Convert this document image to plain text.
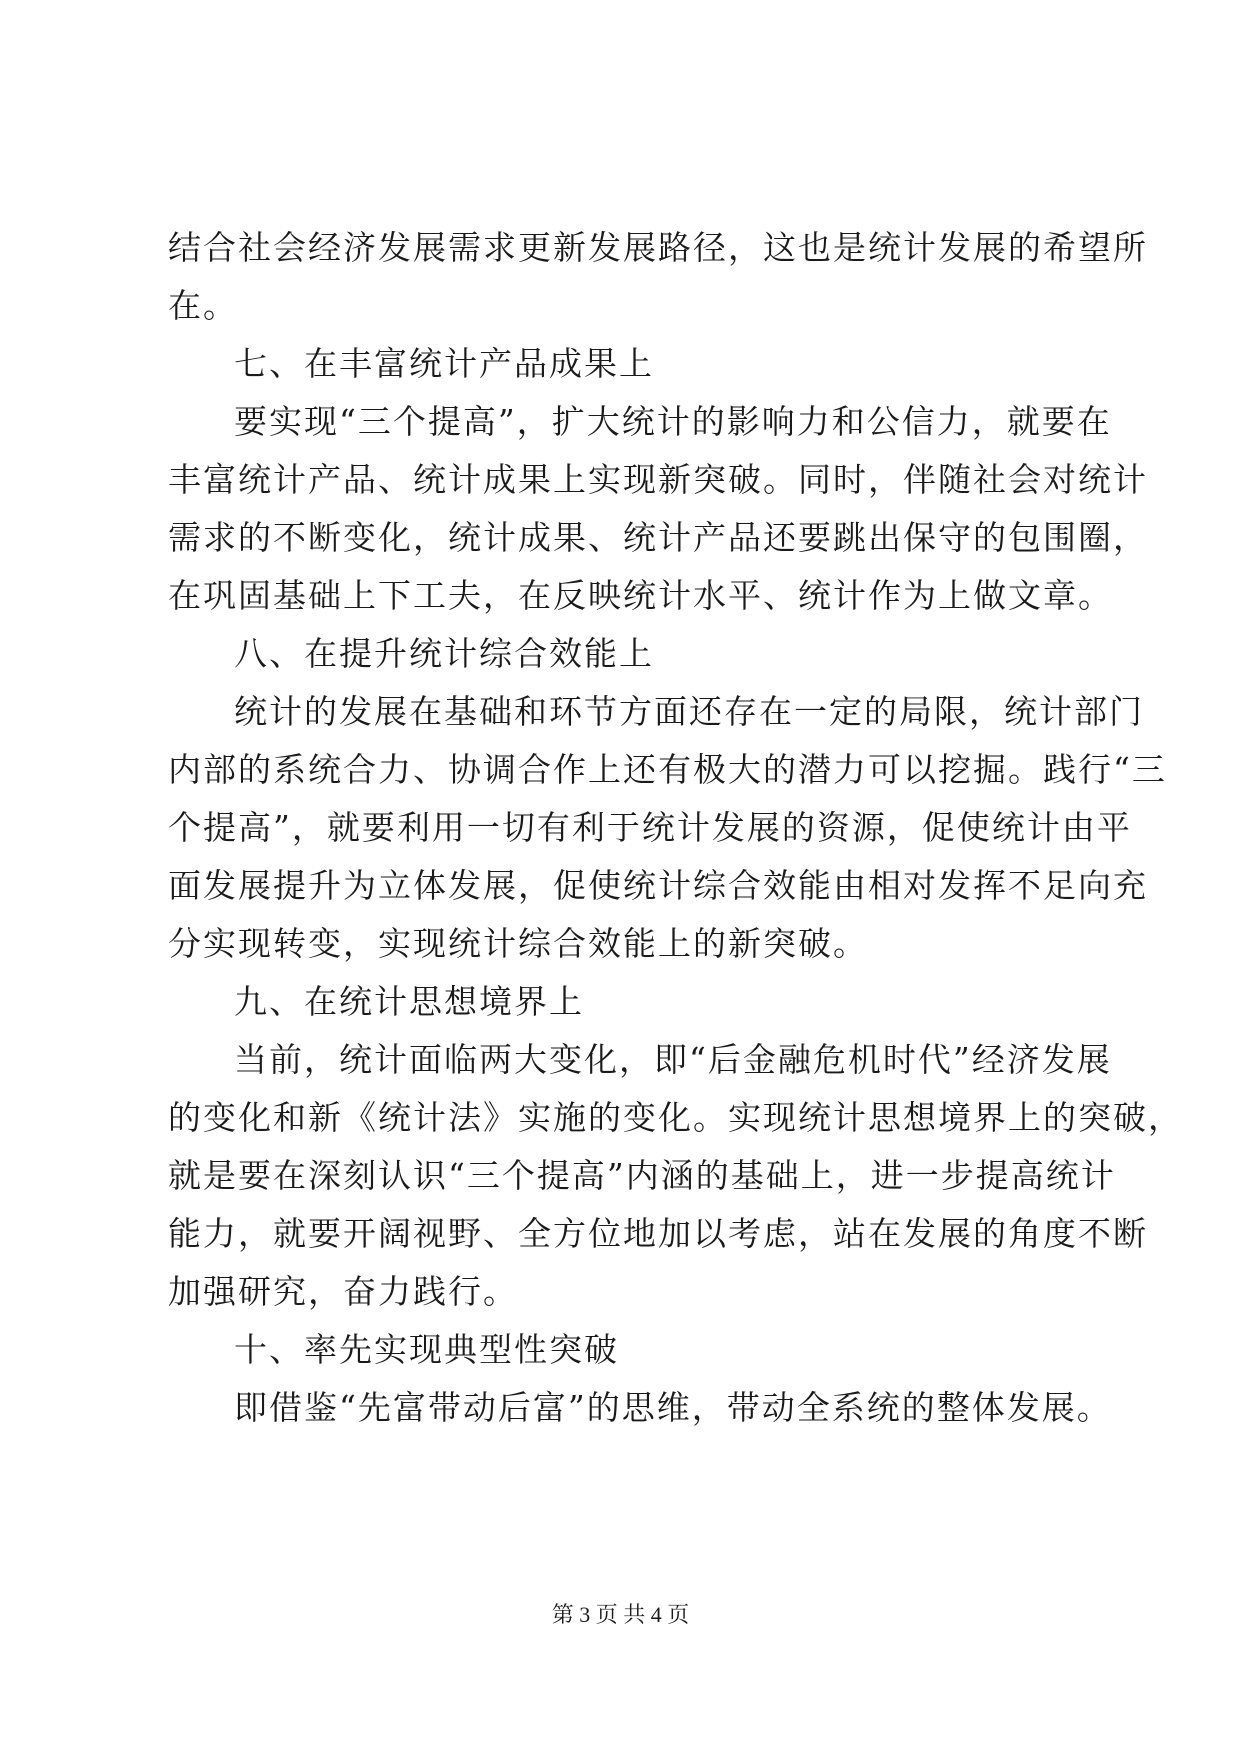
结合社会经济发展需求更新发展路径，这也是统计发展的希望所
在。
七、在丰富统计产品成果上
要实现“三个提高”，扩大统计的影响力和公信力，就要在
丰富统计产品、统计成果上实现新突破。同时，伴随社会对统计
需求的不断变化，统计成果、统计产品还要跳出保守的包围圈，
在巩固基础上下工夫，在反映统计水平、统计作为上做文章。
八、在提升统计综合效能上
统计的发展在基础和环节方面还存在一定的局限，统计部门
内部的系统合力、协调合作上还有极大的潜力可以挖掘。践行“三
个提高”，就要利用一切有利于统计发展的资源，促使统计由平
面发展提升为立体发展，促使统计综合效能由相对发挥不足向充
分实现转变，实现统计综合效能上的新突破。
九、在统计思想境界上
当前，统计面临两大变化，即“后金融危机时代”经济发展
的变化和新《统计法》实施的变化。实现统计思想境界上的突破，
就是要在深刻认识“三个提高”内涵的基础上，进一步提高统计
能力，就要开阔视野、全方位地加以考虑，站在发展的角度不断
加强研究，奋力践行。
十、率先实现典型性突破
即借鉴“先富带动后富”的思维，带动全系统的整体发展。
第 3 页 共 4 页
